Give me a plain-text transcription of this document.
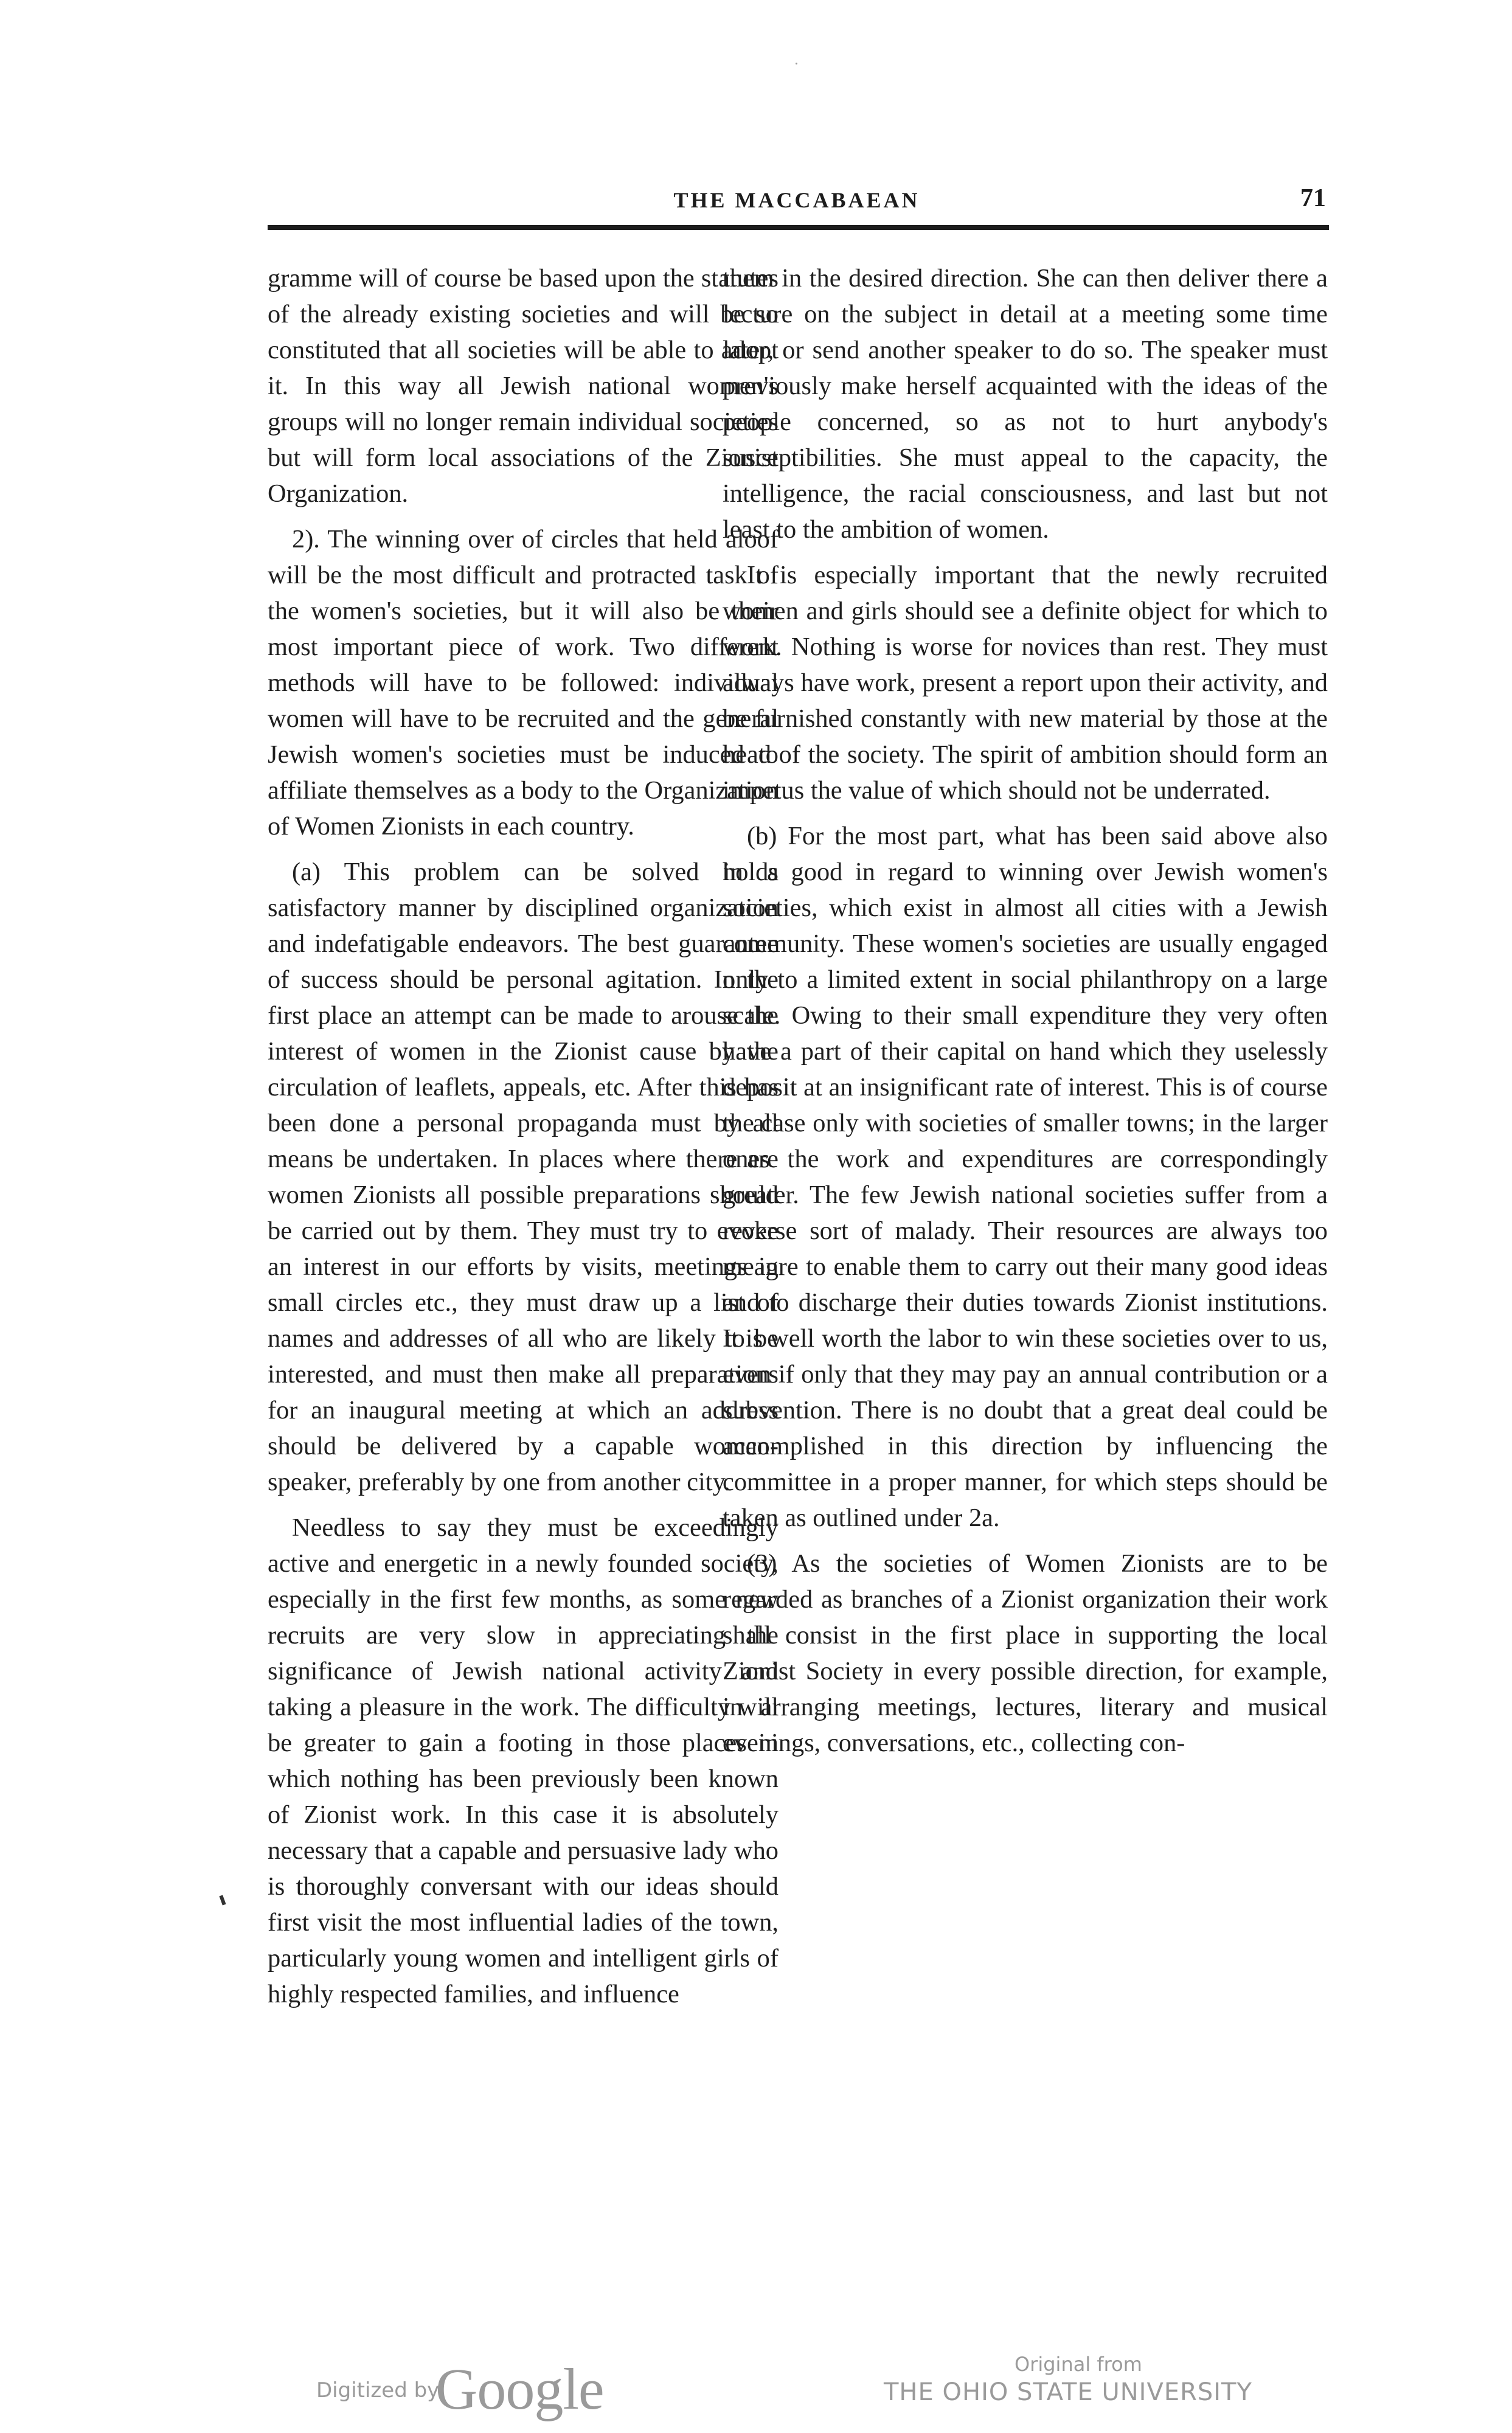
THE MACCABAEAN	71

gramme will of course be based upon the statutes of the already existing societies and will be so constituted that all societies will be able to adopt it. In this way all Jewish national women's groups will no longer remain individual societies but will form local associations of the Zionist Organization.

2). The winning over of circles that held aloof will be the most difficult and protracted task of the women's societies, but it will also be their most important piece of work. Two different methods will have to be followed: individual women will have to be recruited and the general Jewish women's societies must be induced to affiliate themselves as a body to the Organization of Women Zionists in each country.

(a) This problem can be solved in a satisfactory manner by disciplined organization and indefatigable endeavors. The best guarantee of success should be personal agitation. In the first place an attempt can be made to arouse the interest of women in the Zionist cause by the circulation of leaflets, appeals, etc. After this has been done a personal propaganda must by all means be undertaken. In places where there are women Zionists all possible preparations should be carried out by them. They must try to evoke an interest in our efforts by visits, meetings in small circles etc., they must draw up a list of names and addresses of all who are likely to be interested, and must then make all preparations for an inaugural meeting at which an address should be delivered by a capable woman-speaker, preferably by one from another city.

Needless to say they must be exceedingly active and energetic in a newly founded society, especially in the first few months, as some new recruits are very slow in appreciating the significance of Jewish national activity and taking a pleasure in the work. The difficulty will be greater to gain a footing in those places in which nothing has been previously been known of Zionist work. In this case it is absolutely necessary that a capable and persuasive lady who is thoroughly conversant with our ideas should first visit the most influential ladies of the town, particularly young women and intelligent girls of highly respected families, and influence

them in the desired direction. She can then deliver there a lecture on the subject in detail at a meeting some time later, or send another speaker to do so. The speaker must previously make herself acquainted with the ideas of the people concerned, so as not to hurt anybody's susceptibilities. She must appeal to the capacity, the intelligence, the racial consciousness, and last but not least to the ambition of women.

It is especially important that the newly recruited women and girls should see a definite object for which to work. Nothing is worse for novices than rest. They must always have work, present a report upon their activity, and be furnished constantly with new material by those at the head of the society. The spirit of ambition should form an impetus the value of which should not be underrated.

(b) For the most part, what has been said above also holds good in regard to winning over Jewish women's societies, which exist in almost all cities with a Jewish community. These women's societies are usually engaged only to a limited extent in social philanthropy on a large scale. Owing to their small expenditure they very often have a part of their capital on hand which they uselessly deposit at an insignificant rate of interest. This is of course the case only with societies of smaller towns; in the larger ones the work and expenditures are correspondingly greater. The few Jewish national societies suffer from a reverse sort of malady. Their resources are always too meagre to enable them to carry out their many good ideas and to discharge their duties towards Zionist institutions. It is well worth the labor to win these societies over to us, even if only that they may pay an annual contribution or a subvention. There is no doubt that a great deal could be accomplished in this direction by influencing the committee in a proper manner, for which steps should be taken as outlined under 2a.

(3) As the societies of Women Zionists are to be regarded as branches of a Zionist organization their work shall consist in the first place in supporting the local Zionist Society in every possible direction, for example, in arranging meetings, lectures, literary and musical evenings, conversations, etc., collecting con-

Digitized by
Google	Original from
THE OHIO STATE UNIVERSITY
